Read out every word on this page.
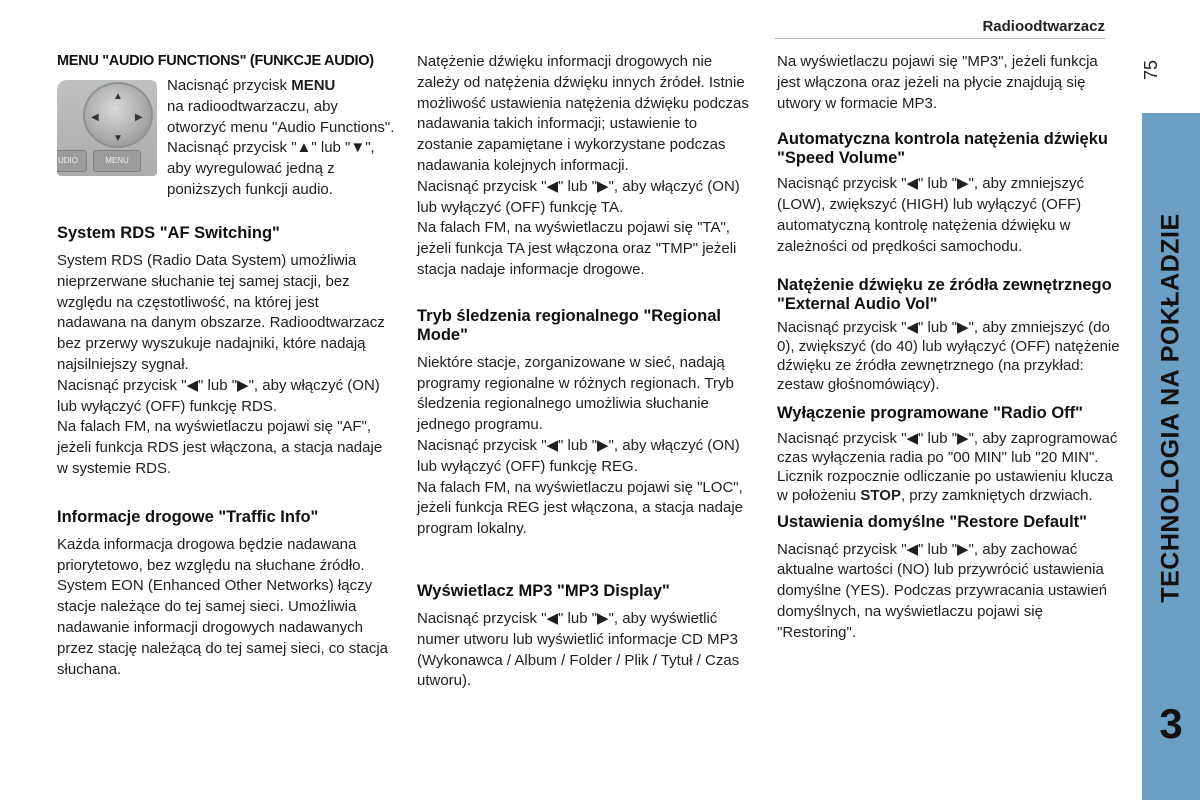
Radioodtwarzacz
75
TECHNOLOGIA NA POKŁADZIE
3

MENU "AUDIO FUNCTIONS" (FUNKCJE AUDIO)

▲
▼
◀	▶
UDIO	MENU

Nacisnąć przycisk MENU

na radioodtwarzaczu, aby otworzyć menu "Audio Functions".

Nacisnąć przycisk "▲" lub "▼", aby wyregulować jedną z poniższych funkcji audio.

System RDS "AF Switching"

System RDS (Radio Data System) umożliwia nieprzerwane słuchanie tej samej stacji, bez względu na częstotliwość, na której jest nadawana na danym obszarze. Radioodtwarzacz bez przerwy wyszukuje nadajniki, które nadają najsilniejszy sygnał.

Nacisnąć przycisk "◀" lub "▶", aby włączyć (ON) lub wyłączyć (OFF) funkcję RDS.

Na falach FM, na wyświetlaczu pojawi się "AF", jeżeli funkcja RDS jest włączona, a stacja nadaje w systemie RDS.

Informacje drogowe "Traffic Info"

Każda informacja drogowa będzie nadawana priorytetowo, bez względu na słuchane źródło. System EON (Enhanced Other Networks) łączy stacje należące do tej samej sieci. Umożliwia nadawanie informacji drogowych nadawanych przez stację należącą do tej samej sieci, co stacja słuchana.

Natężenie dźwięku informacji drogowych nie zależy od natężenia dźwięku innych źródeł. Istnie możliwość ustawienia natężenia dźwięku podczas nadawania takich informacji; ustawienie to zostanie zapamiętane i wykorzystane podczas nadawania kolejnych informacji.

Nacisnąć przycisk "◀" lub "▶", aby włączyć (ON) lub wyłączyć (OFF) funkcję TA.

Na falach FM, na wyświetlaczu pojawi się "TA", jeżeli funkcja TA jest włączona oraz "TMP" jeżeli stacja nadaje informacje drogowe.

Tryb śledzenia regionalnego "Regional Mode"

Niektóre stacje, zorganizowane w sieć, nadają programy regionalne w różnych regionach. Tryb śledzenia regionalnego umożliwia słuchanie jednego programu.

Nacisnąć przycisk "◀" lub "▶", aby włączyć (ON) lub wyłączyć (OFF) funkcję REG.

Na falach FM, na wyświetlaczu pojawi się "LOC", jeżeli funkcja REG jest włączona, a stacja nadaje program lokalny.

Wyświetlacz MP3 "MP3 Display"

Nacisnąć przycisk "◀" lub "▶", aby wyświetlić numer utworu lub wyświetlić informacje CD MP3 (Wykonawca / Album / Folder / Plik / Tytuł / Czas utworu).

Na wyświetlaczu pojawi się "MP3", jeżeli funkcja jest włączona oraz jeżeli na płycie znajdują się utwory w formacie MP3.

Automatyczna kontrola natężenia dźwięku "Speed Volume"

Nacisnąć przycisk "◀" lub "▶", aby zmniejszyć (LOW), zwiększyć (HIGH) lub wyłączyć (OFF) automatyczną kontrolę natężenia dźwięku w zależności od prędkości samochodu.

Natężenie dźwięku ze źródła zewnętrznego "External Audio Vol"

Nacisnąć przycisk "◀" lub "▶", aby zmniejszyć (do 0), zwiększyć (do 40) lub wyłączyć (OFF) natężenie dźwięku ze źródła zewnętrznego (na przykład: zestaw głośnomówiący).

Wyłączenie programowane "Radio Off"

Nacisnąć przycisk "◀" lub "▶", aby zaprogramować czas wyłączenia radia po "00 MIN" lub "20 MIN".

Licznik rozpocznie odliczanie po ustawieniu klucza w położeniu STOP, przy zamkniętych drzwiach.

Ustawienia domyślne "Restore Default"

Nacisnąć przycisk "◀" lub "▶", aby zachować aktualne wartości (NO) lub przywrócić ustawienia domyślne (YES). Podczas przywracania ustawień domyślnych, na wyświetlaczu pojawi się "Restoring".
